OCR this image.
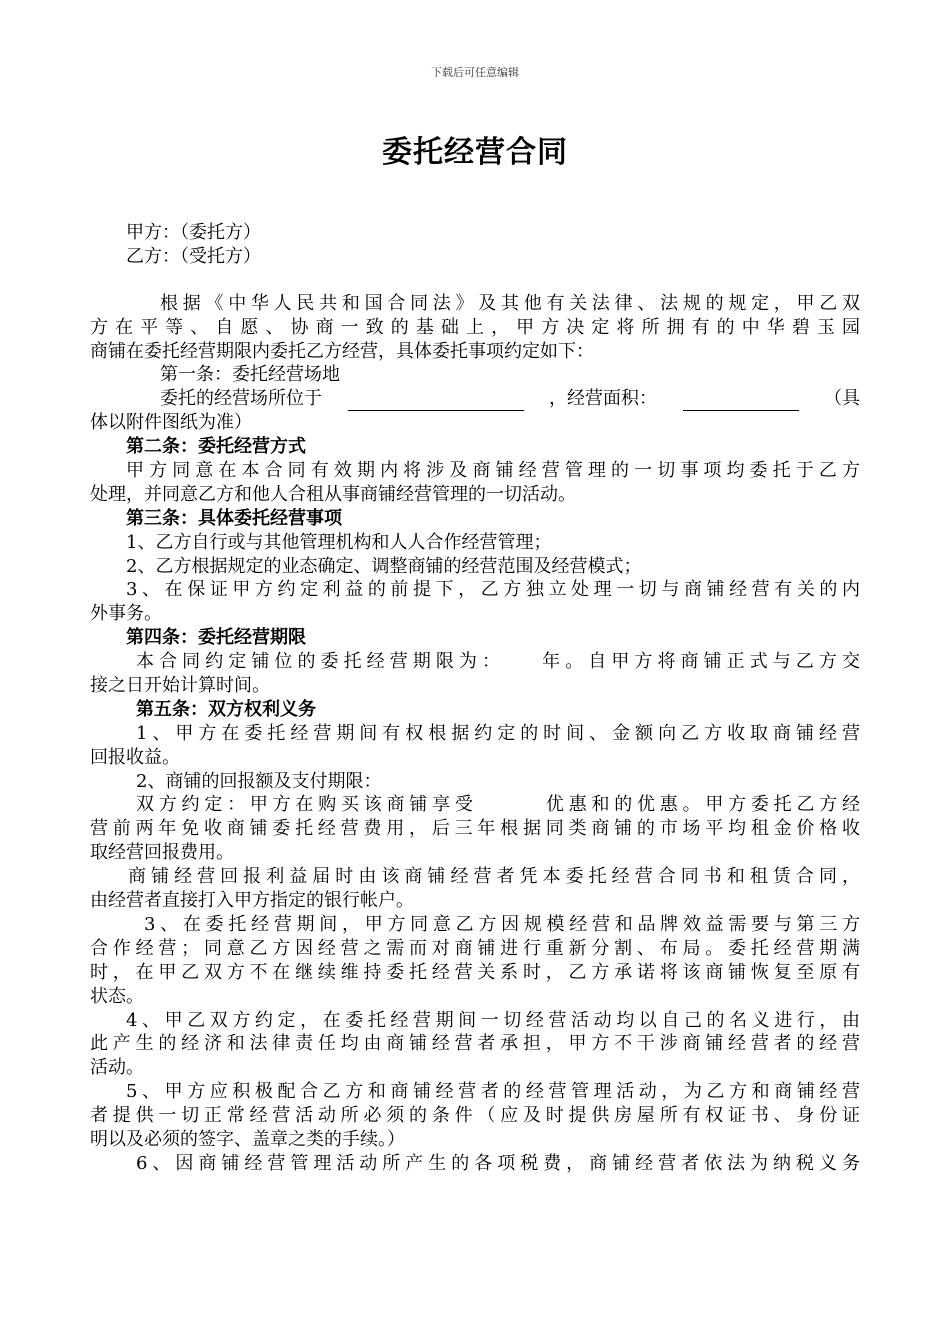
下载后可任意编辑
委托经营合同
甲方：（委托方）
乙方：（受托方）
根据《中华人民共和国合同法》及其他有关法律、法规的规定，甲乙双
方在平等、自愿、协商一致的基础上，甲方决定将所拥有的中华碧玉园
商铺在委托经营期限内委托乙方经营，具体委托事项约定如下：
第一条：委托经营场地
委托的经营场所位于	，经营面积：	（具
体以附件图纸为准）
第二条：委托经营方式
甲方同意在本合同有效期内将涉及商铺经营管理的一切事项均委托于乙方
处理，并同意乙方和他人合租从事商铺经营管理的一切活动。
第三条：具体委托经营事项
1、乙方自行或与其他管理机构和人人合作经营管理；
2、乙方根据规定的业态确定、调整商铺的经营范围及经营模式；
3、在保证甲方约定利益的前提下，乙方独立处理一切与商铺经营有关的内
外事务。
第四条：委托经营期限
本合同约定铺位的委托经营期限为：　　年。自甲方将商铺正式与乙方交
接之日开始计算时间。
第五条：双方权利义务
1、甲方在委托经营期间有权根据约定的时间、金额向乙方收取商铺经营
回报收益。
2、商铺的回报额及支付期限：
双方约定：甲方在购买该商铺享受　　　优惠和的优惠。甲方委托乙方经
营前两年免收商铺委托经营费用，后三年根据同类商铺的市场平均租金价格收
取经营回报费用。
商铺经营回报利益届时由该商铺经营者凭本委托经营合同书和租赁合同，
由经营者直接打入甲方指定的银行帐户。
3、在委托经营期间，甲方同意乙方因规模经营和品牌效益需要与第三方
合作经营；同意乙方因经营之需而对商铺进行重新分割、布局。委托经营期满
时，在甲乙双方不在继续维持委托经营关系时，乙方承诺将该商铺恢复至原有
状态。
4、甲乙双方约定，在委托经营期间一切经营活动均以自己的名义进行，由
此产生的经济和法律责任均由商铺经营者承担，甲方不干涉商铺经营者的经营
活动。
5、甲方应积极配合乙方和商铺经营者的经营管理活动，为乙方和商铺经营
者提供一切正常经营活动所必须的条件（应及时提供房屋所有权证书、身份证
明以及必须的签字、盖章之类的手续。）
6、因商铺经营管理活动所产生的各项税费，商铺经营者依法为纳税义务
